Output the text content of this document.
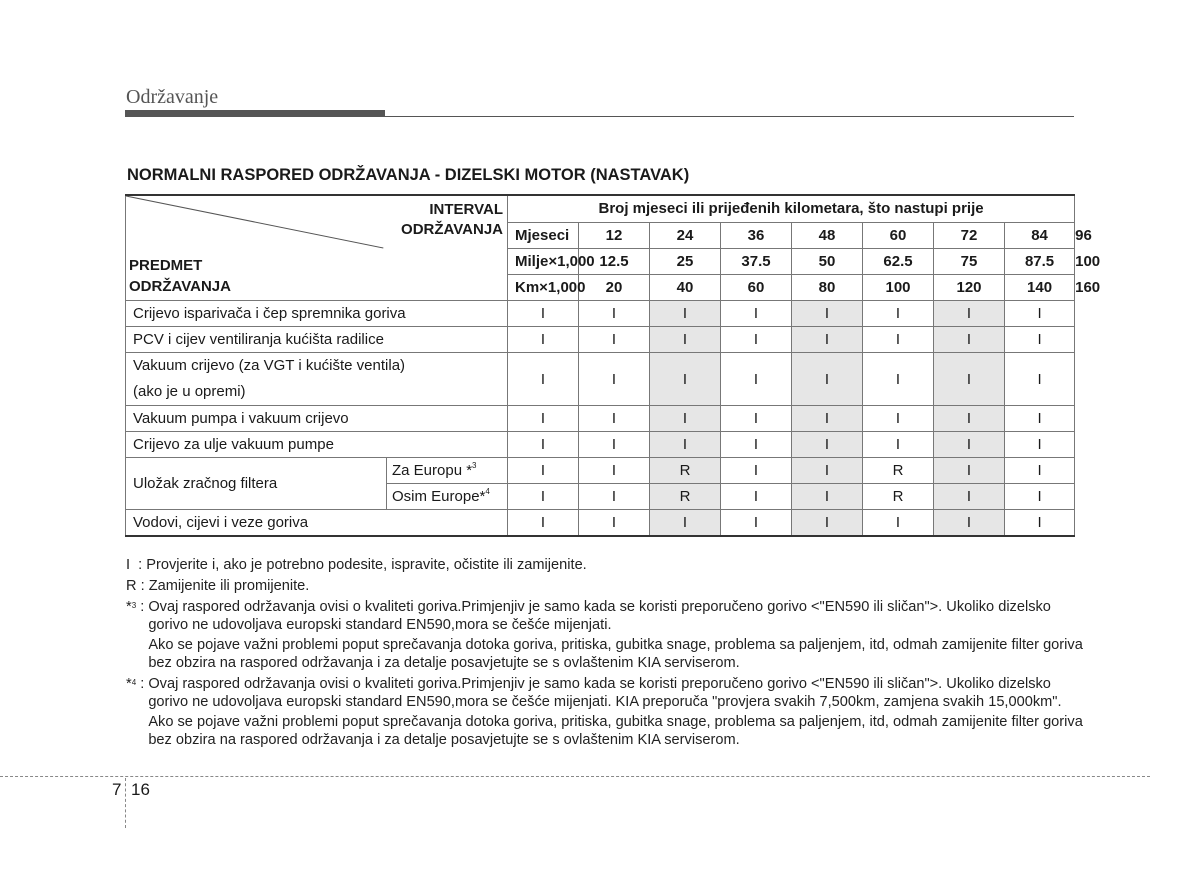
Održavanje
NORMALNI RASPORED ODRŽAVANJA - DIZELSKI MOTOR (NASTAVAK)
INTERVAL
ODRŽAVANJA
PREDMET
ODRŽAVANJA		Broj mjeseci ili prijeđenih kilometara, što nastupi prije								
		Mjeseci	12	24	36	48	60	72	84	96
		Milje×1,000	12.5	25	37.5	50	62.5	75	87.5	100
		Km×1,000	20	40	60	80	100	120	140	160
Crijevo isparivača i čep spremnika goriva		I	I	I	I	I	I	I	I	
PCV i cijev ventiliranja kućišta radilice		I	I	I	I	I	I	I	I	

Vakuum crijevo (za VGT i kućište ventila)
(ako je u opremi)		I	I	I	I	I	I	I	I	
Vakuum pumpa i vakuum crijevo		I	I	I	I	I	I	I	I	
Crijevo za ulje vakuum pumpe		I	I	I	I	I	I	I	I	
Uložak zračnog filtera	Za Europu *$^3$	I	I	R	I	I	R	I	I	
	Osim Europe*$^4$	I	I	R	I	I	R	I	I	
Vodovi, cijevi i veze goriva		I	I	I	I	I	I	I	I	
I  : Provjerite i, ako je potrebno podesite, ispravite, očistite ili zamijenite.
R : Zamijenite ili promijenite.
*$^3$ : Ovaj raspored održavanja ovisi o kvaliteti goriva.Primjenjiv je samo kada se koristi preporučeno gorivo <"EN590 ili sličan">. Ukoliko dizelsko gorivo ne udovoljava europski standard EN590,mora se češće mijenjati.

Ako se pojave važni problemi poput sprečavanja dotoka goriva, pritiska, gubitka snage, problema sa paljenjem, itd, odmah zamijenite filter goriva bez obzira na raspored održavanja i za detalje posavjetujte se s ovlaštenim KIA serviserom.

*$^4$ : Ovaj raspored održavanja ovisi o kvaliteti goriva.Primjenjiv je samo kada se koristi preporučeno gorivo <"EN590 ili sličan">. Ukoliko dizelsko gorivo ne udovoljava europski standard EN590,mora se češće mijenjati. KIA preporuča "provjera svakih 7,500km, zamjena svakih 15,000km".

Ako se pojave važni problemi poput sprečavanja dotoka goriva, pritiska, gubitka snage, problema sa paljenjem, itd, odmah zamijenite filter goriva bez obzira na raspored održavanja i za detalje posavjetujte se s ovlaštenim KIA serviserom.

7 16
